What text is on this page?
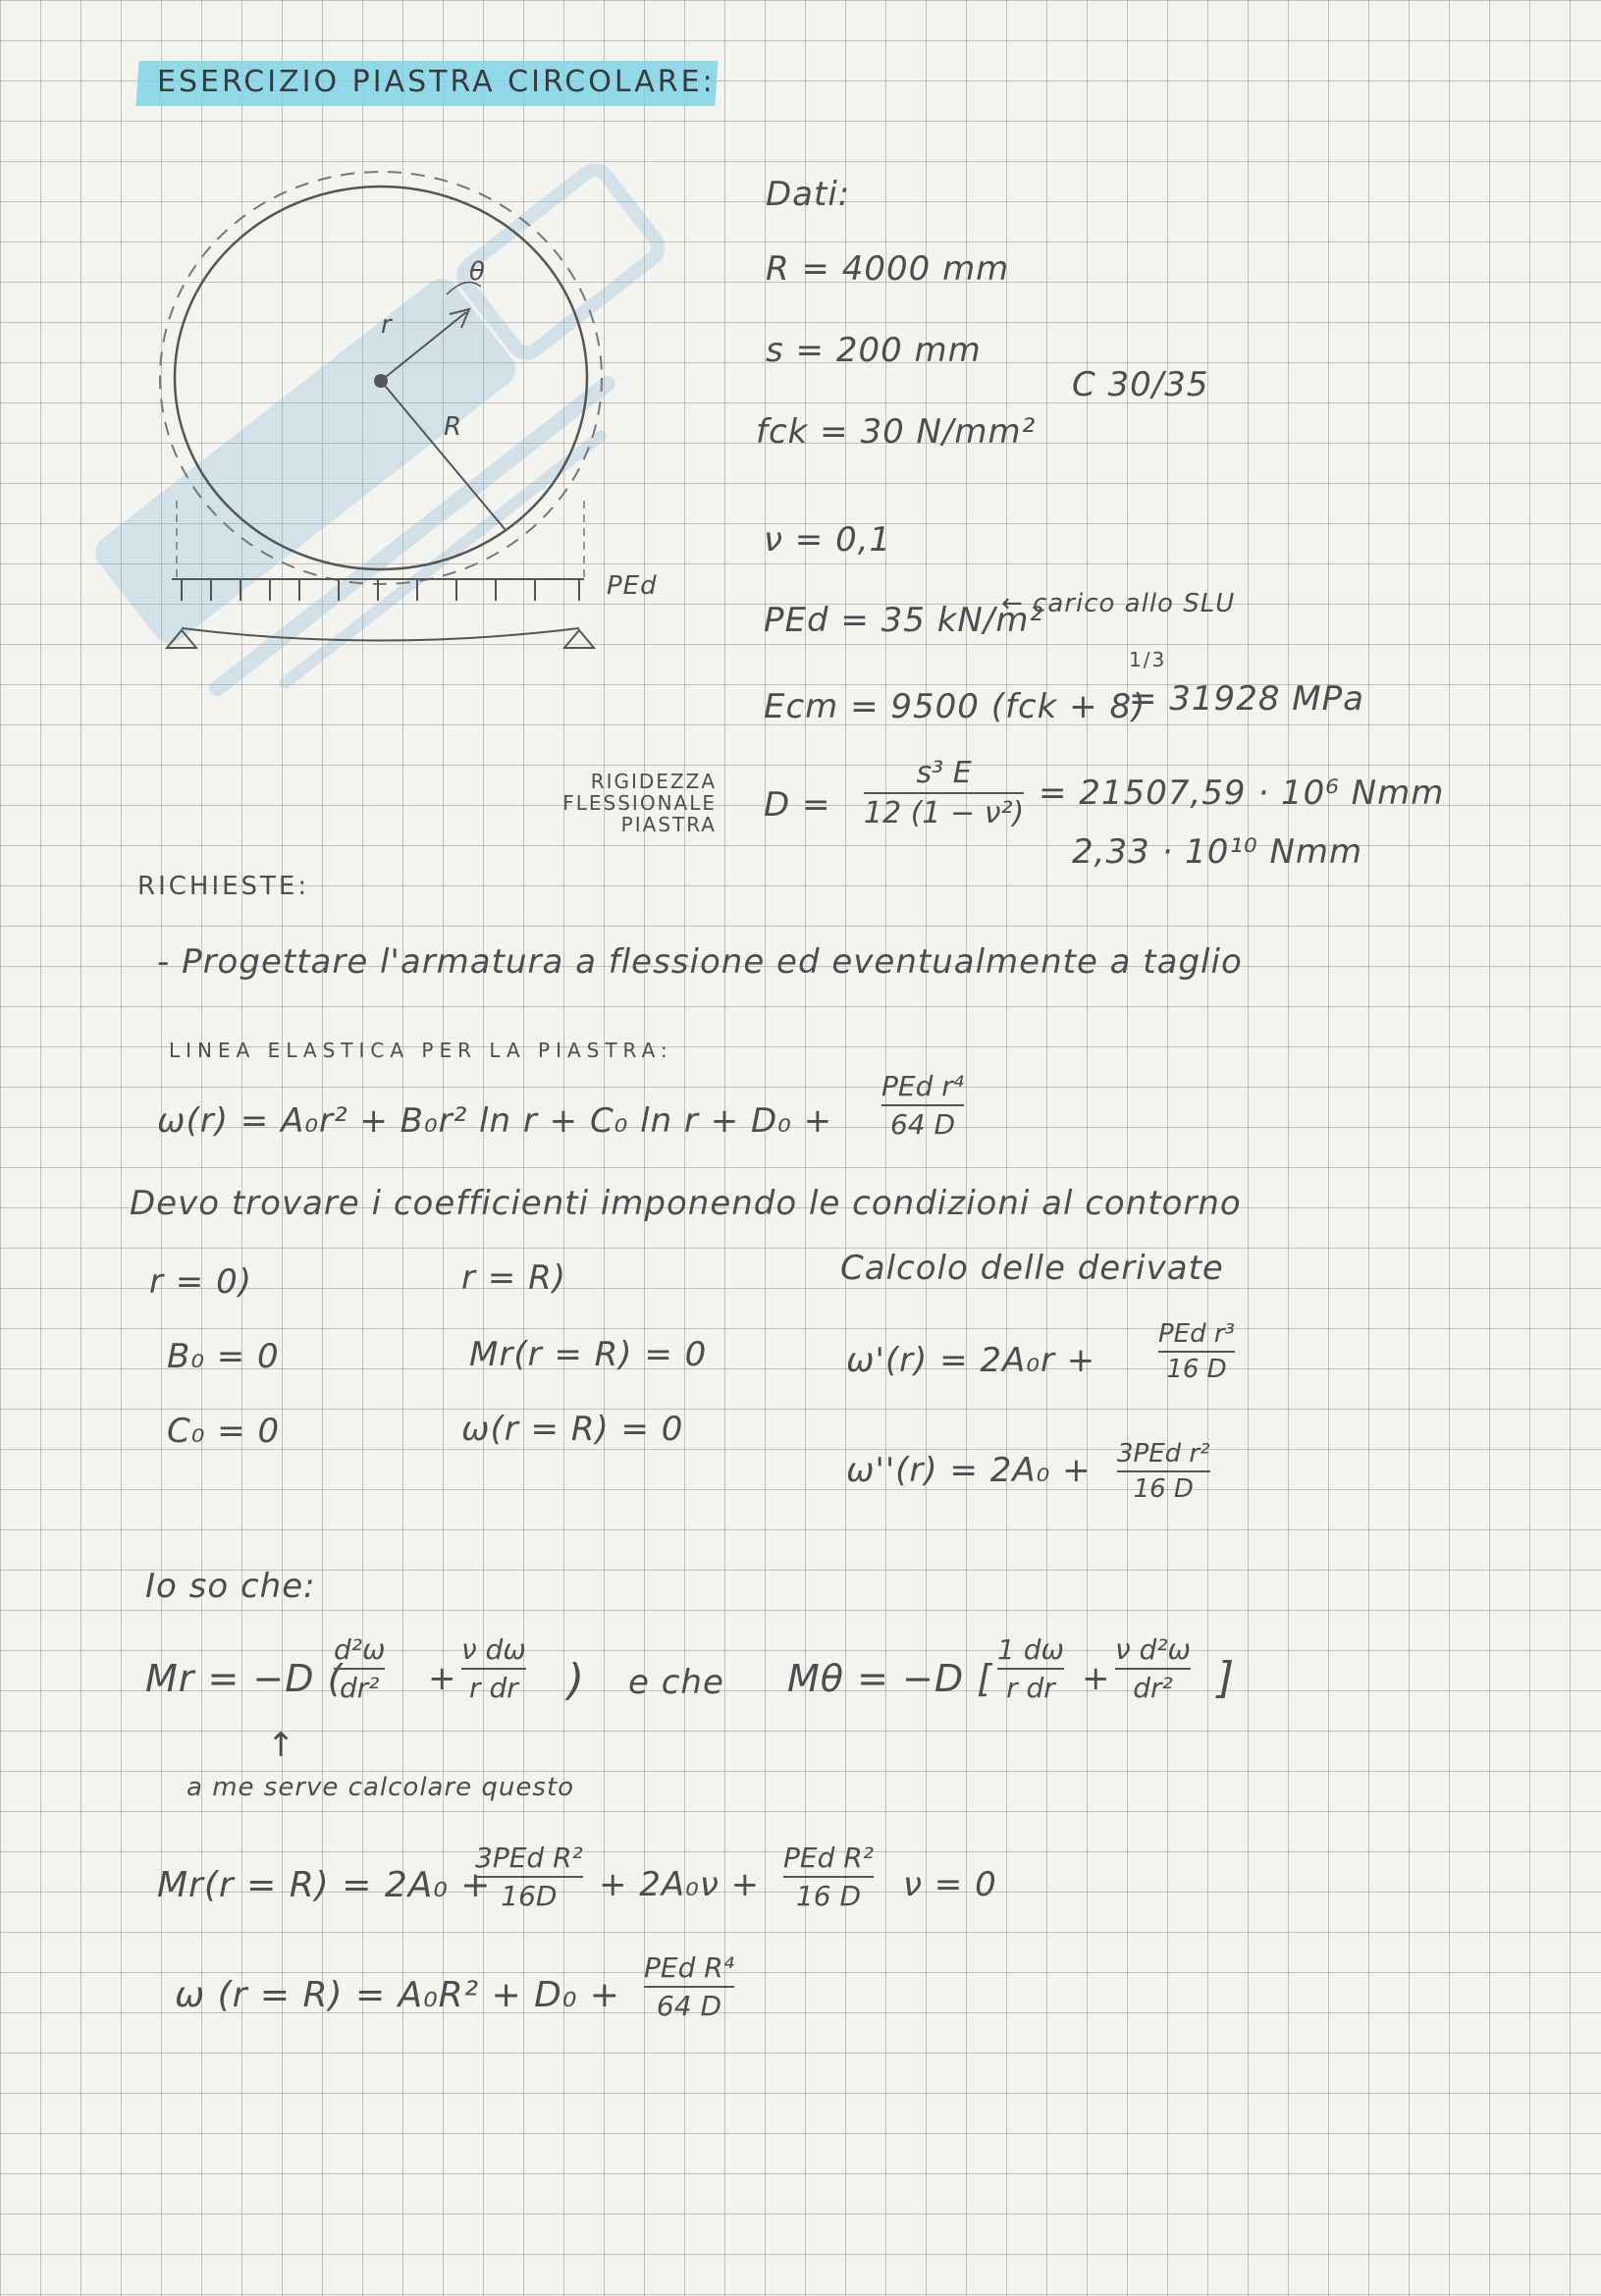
ESERCIZIO PIASTRA CIRCOLARE:
r
θ
R
PEd
Dati:
R = 4000 mm
s = 200 mm
C 30/35
fck = 30 N/mm²
ν = 0,1
PEd = 35 kN/m²
← carico allo SLU
Ecm = 9500 (fck + 8)
1/3
= 31928 MPa
RIGIDEZZA FLESSIONALE PIASTRA D =
s³ E
12 (1 − ν²)
= 21507,59 · 10⁶ Nmm
2,33 · 10¹⁰ Nmm
RICHIESTE:
- Progettare l'armatura a flessione ed eventualmente a taglio
LINEA ELASTICA PER LA PIASTRA:
ω(r) = A₀r² + B₀r² ln r + C₀ ln r + D₀ +
PEd r⁴
64 D
Devo trovare i coefficienti imponendo le condizioni al contorno
r = 0)
B₀ = 0
C₀ = 0
r = R)
Mr(r = R) = 0
ω(r = R) = 0
Calcolo delle derivate
ω'(r) = 2A₀r +
PEd r³
16 D
ω''(r) = 2A₀ + 3PEd r²
16 D
Io so che:
Mr = −D (
d²ω
dr² +
ν dω
r dr ) e che Mθ = −D [
1 dω
r dr +
ν d²ω
dr² ]
↑
a me serve calcolare questo
Mr(r = R) = 2A₀ +
3PEd R²
16D + 2A₀ν +
PEd R²
16 D ν = 0
ω (r = R) = A₀R² + D₀ +
PEd R⁴
64 D
